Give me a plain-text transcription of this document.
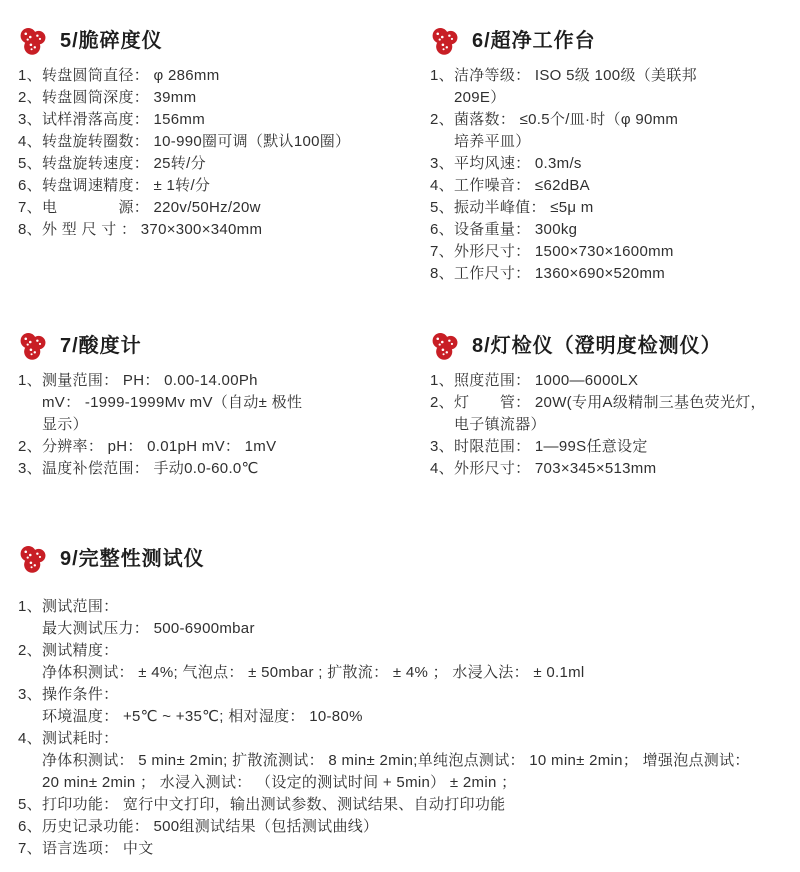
5/脆碎度仪
1、转盘圆筒直径： φ 286mm
2、转盘圆筒深度： 39mm
3、试样滑落高度： 156mm
4、转盘旋转圈数： 10-990圈可调（默认100圈）
5、转盘旋转速度： 25转/分
6、转盘调速精度： ± 1转/分
7、电　　　　源： 220v/50Hz/20w
8、外 型 尺 寸 ： 370×300×340mm
6/超净工作台
1、洁净等级： ISO 5级 100级（美联邦
209E）
2、菌落数： ≤0.5个/皿·时（φ 90mm
培养平皿）
3、平均风速： 0.3m/s
4、工作噪音： ≤62dBA
5、振动半峰值： ≤5μ m
6、设备重量： 300kg
7、外形尺寸： 1500×730×1600mm
8、工作尺寸： 1360×690×520mm
7/酸度计
1、测量范围： PH： 0.00-14.00Ph
mV： -1999-1999Mv mV（自动± 极性
显示）
2、分辨率： pH： 0.01pH mV： 1mV
3、温度补偿范围： 手动0.0-60.0℃
8/灯检仪（澄明度检测仪）
1、照度范围： 1000—6000LX
2、灯　　管： 20W(专用A级精制三基色荧光灯，
电子镇流器）
3、时限范围： 1—99S任意设定
4、外形尺寸： 703×345×513mm
9/完整性测试仪
1、测试范围：
最大测试压力： 500-6900mbar
2、测试精度：
净体积测试： ± 4%; 气泡点： ± 50mbar ; 扩散流： ± 4% ； 水浸入法： ± 0.1ml
3、操作条件：
环境温度： +5℃ ~ +35℃; 相对湿度： 10-80%
4、测试耗时：
净体积测试： 5 min± 2min; 扩散流测试： 8 min± 2min;单纯泡点测试： 10 min± 2min； 增强泡点测试：
20 min± 2min ； 水浸入测试： （设定的测试时间 + 5min） ± 2min ；
5、打印功能： 宽行中文打印，输出测试参数、测试结果、自动打印功能
6、历史记录功能： 500组测试结果（包括测试曲线）
7、语言选项： 中文
